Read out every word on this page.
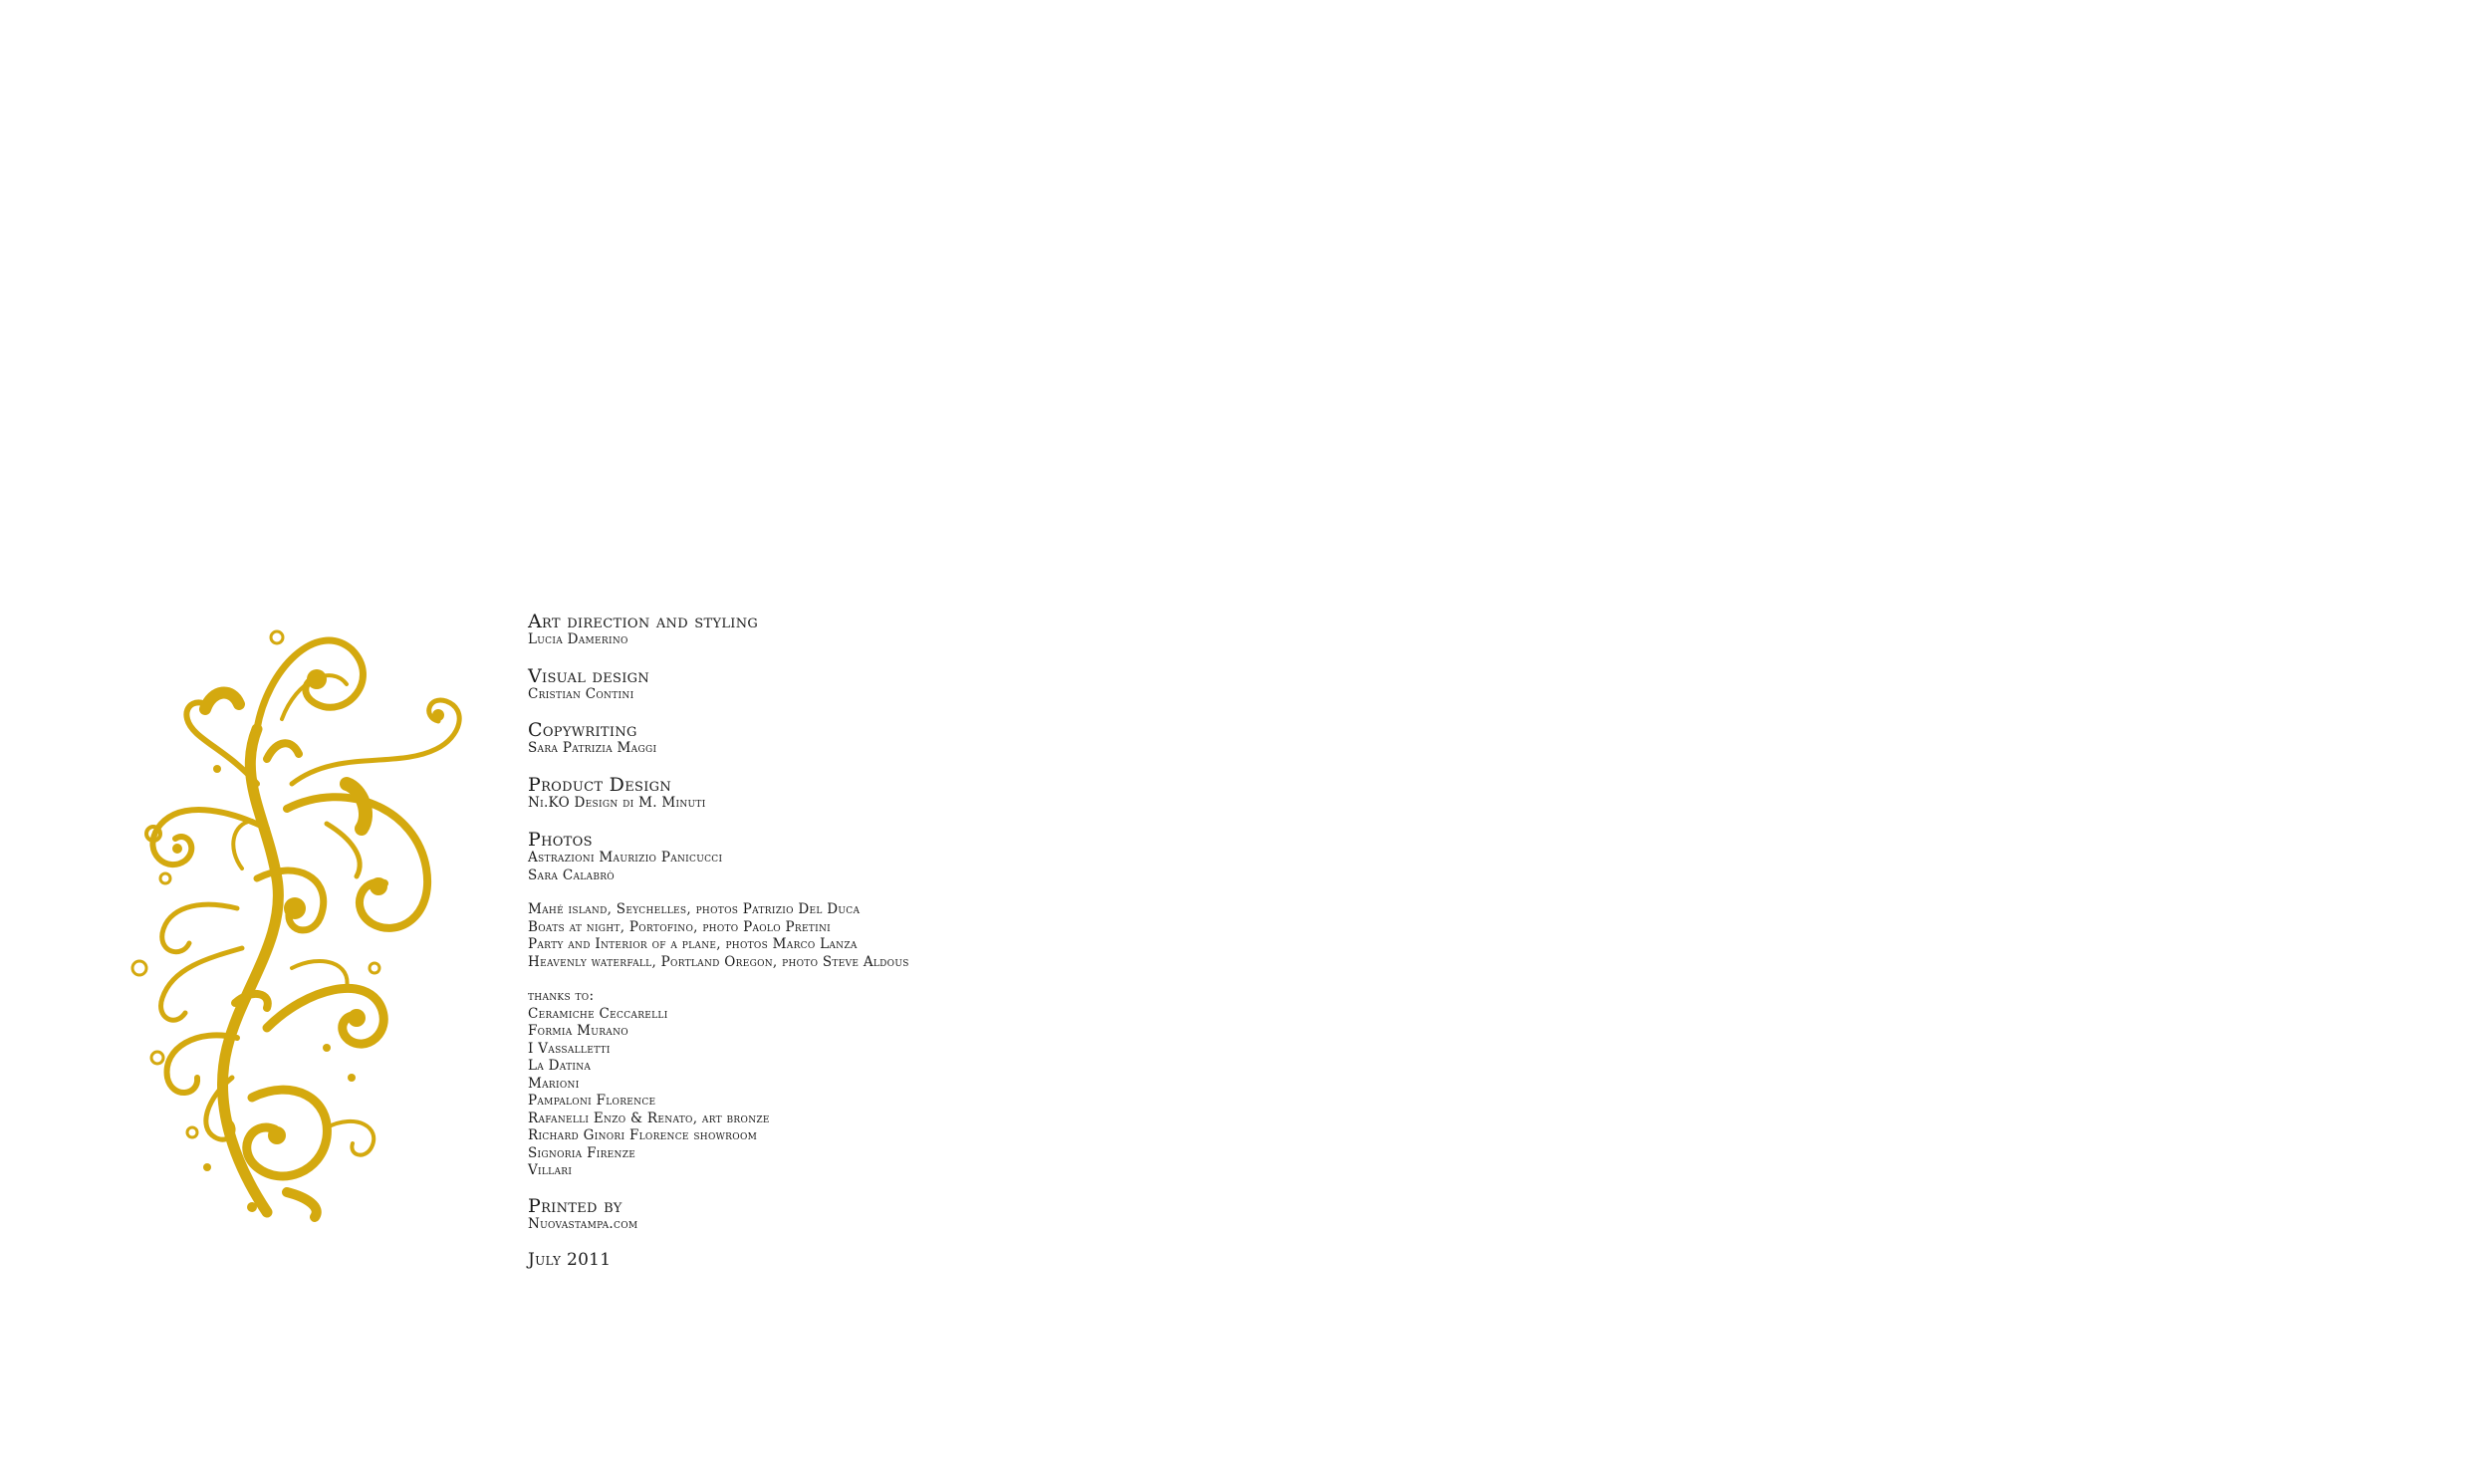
Art direction and styling
Lucia Damerino
Visual design
Cristian Contini
Copywriting
Sara Patrizia Maggi
Product Design
Ni.KO Design di M. Minuti
Photos
Astrazioni Maurizio Panicucci
Sara Calabrò
Mahé island, Seychelles, photos Patrizio Del Duca
Boats at night, Portofino, photo Paolo Pretini
Party and Interior of a plane, photos Marco Lanza
Heavenly waterfall, Portland Oregon, photo Steve Aldous
thanks to:
Ceramiche Ceccarelli
Formia Murano
I Vassalletti
La Datina
Marioni
Pampaloni Florence
Rafanelli Enzo & Renato, art bronze
Richard Ginori Florence showroom
Signoria Firenze
Villari
Printed by
Nuovastampa.com
July 2011
